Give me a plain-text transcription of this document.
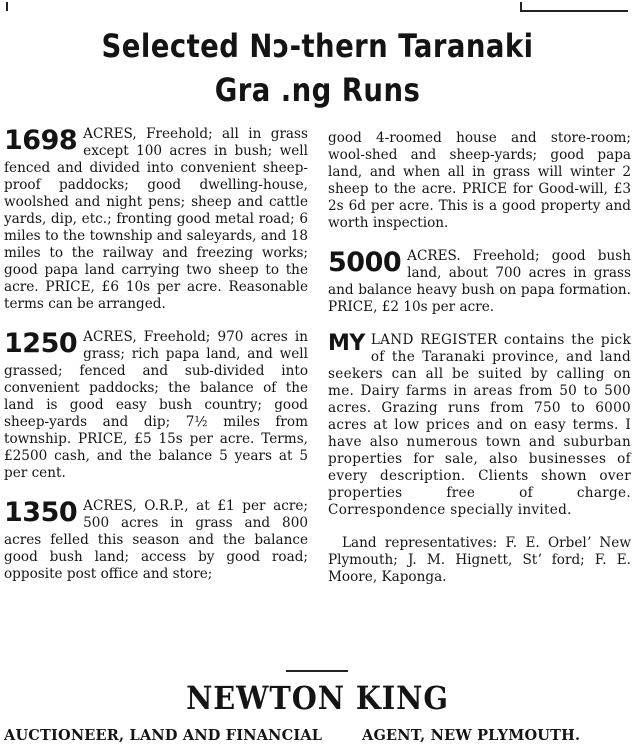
Selected Nɔ‑thern Taranaki
Gra .ng Runs
1698 ACRES, Freehold; all in grass except 100 acres in bush; well fenced and divided into convenient sheep-proof paddocks; good dwelling-house, woolshed and night pens; sheep and cattle yards, dip, etc.; fronting good metal road; 6 miles to the township and saleyards, and 18 miles to the railway and freezing works; good papa land carrying two sheep to the acre. PRICE, £6 10s per acre. Reasonable terms can be arranged.

1250 ACRES, Freehold; 970 acres in grass; rich papa land, and well grassed; fenced and sub-divided into convenient paddocks; the balance of the land is good easy bush country; good sheep-yards and dip; 7½ miles from township. PRICE, £5 15s per acre. Terms, £2500 cash, and the balance 5 years at 5 per cent.

1350 ACRES, O.R.P., at £1 per acre; 500 acres in grass and 800 acres felled this season and the balance good bush land; access by good road; opposite post office and store;

good 4-roomed house and store-room; wool-shed and sheep-yards; good papa land, and when all in grass will winter 2 sheep to the acre. PRICE for Good-will, £3 2s 6d per acre. This is a good property and worth inspection.

5000 ACRES. Freehold; good bush land, about 700 acres in grass and balance heavy bush on papa formation. PRICE, £2 10s per acre.

MY LAND REGISTER contains the pick of the Taranaki province, and land seekers can all be suited by calling on me. Dairy farms in areas from 50 to 500 acres. Grazing runs from 750 to 6000 acres at low prices and on easy terms. I have also numerous town and suburban properties for sale, also businesses of every description. Clients shown over properties free of charge. Correspondence specially invited.

Land representatives: F. E. Orbelʼ New Plymouth; J. M. Hignett, Stʼ ford; F. E. Moore, Kaponga.

NEWTON KING
AUCTIONEER, LAND AND FINANCIAL	AGENT, NEW PLYMOUTH.
